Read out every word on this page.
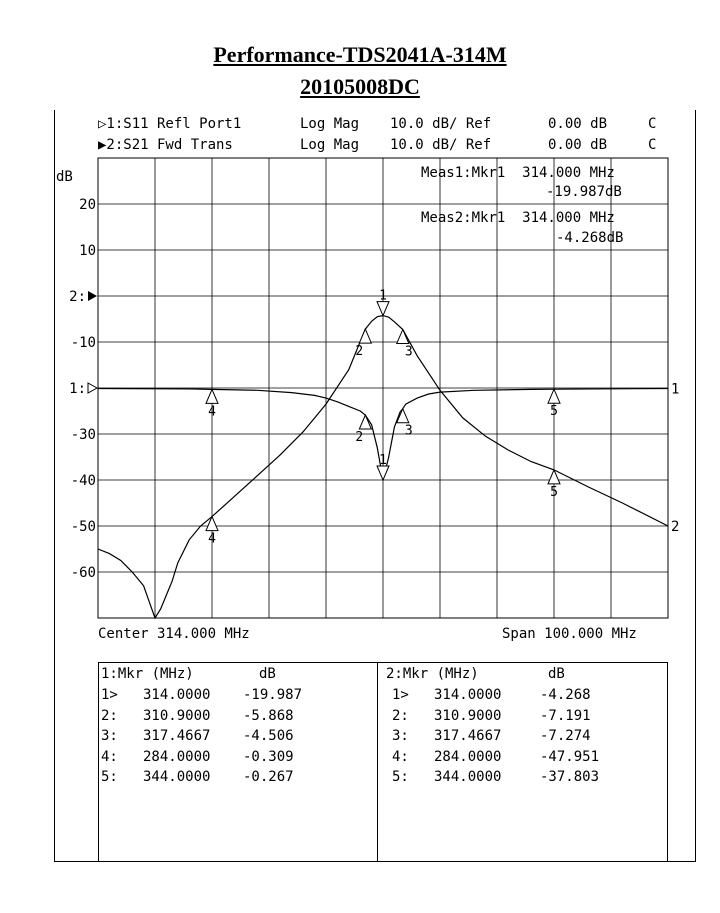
Performance-TDS2041A-314M
20105008DC
▷1:S11 Refl Port1	Log Mag 10.0 dB/ Ref	0.00 dB	C
▶2:S21 Fwd Trans	Log Mag 10.0 dB/ Ref	0.00 dB	C
dB
20
10
2:
-10
1:
-30
-40
-50
-60
1
2	3
4	5
1
2	3
4
5
1
2
Meas1:Mkr1  314.000 MHz
-19.987dB
Meas2:Mkr1  314.000 MHz
-4.268dB
Center 314.000 MHz	Span 100.000 MHz

1:Mkr (MHz)

	dB

1> 314.0000 -19.987
2: 310.9000 -5.868
3: 317.4667 -4.506
4: 284.0000 -0.309
5: 344.0000 -0.267

2:Mkr (MHz)

	dB

1> 314.0000	-4.268
2: 310.9000	-7.191
3: 317.4667	-7.274
4: 284.0000	-47.951
5: 344.0000	-37.803
